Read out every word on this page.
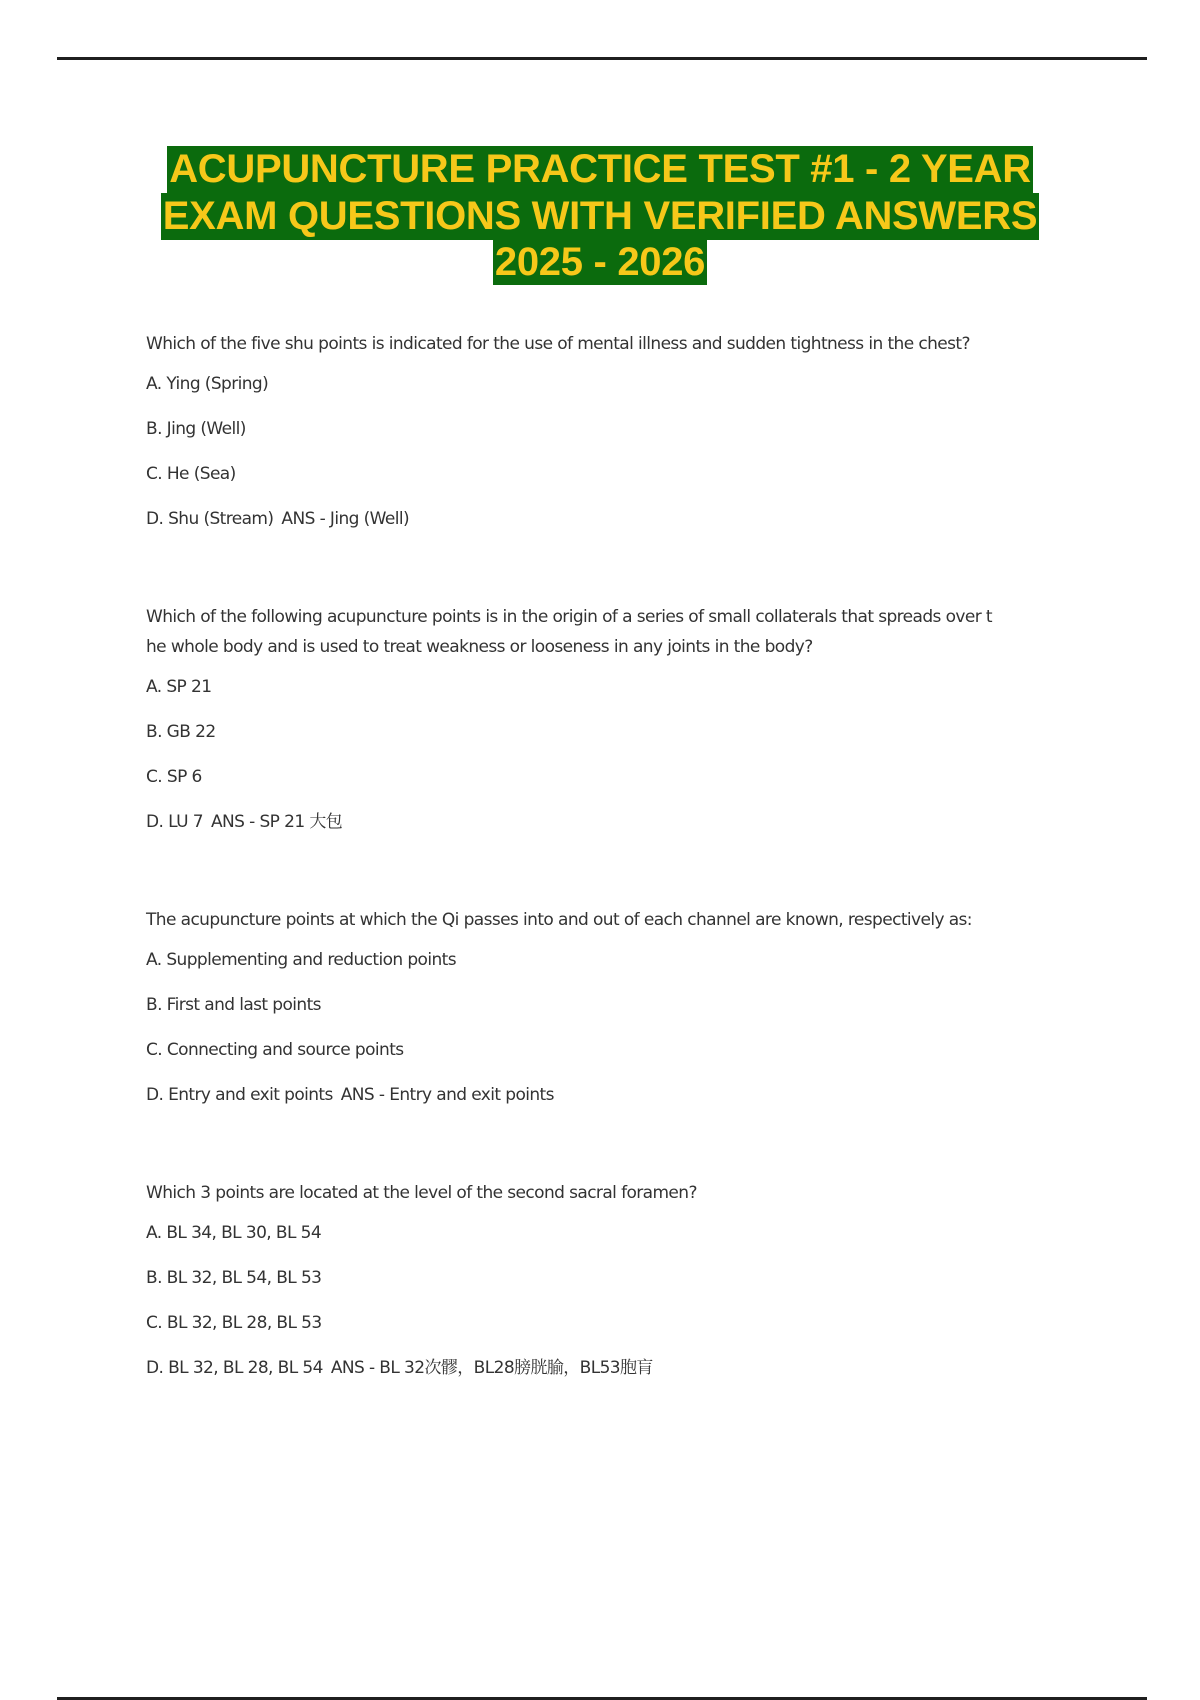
ACUPUNCTURE PRACTICE TEST #1 - 2 YEAR
EXAM QUESTIONS WITH VERIFIED ANSWERS
2025 - 2026

Which of the five shu points is indicated for the use of mental illness and sudden tightness in the chest?

A. Ying (Spring)
B. Jing (Well)
C. He (Sea)
D. Shu (Stream) ANS - Jing (Well)

Which of the following acupuncture points is in the origin of a series of small collaterals that spreads over t

he whole body and is used to treat weakness or looseness in any joints in the body?

A. SP 21
B. GB 22
C. SP 6
D. LU 7 ANS - SP 21 大包

The acupuncture points at which the Qi passes into and out of each channel are known, respectively as:

A. Supplementing and reduction points
B. First and last points
C. Connecting and source points
D. Entry and exit points ANS - Entry and exit points

Which 3 points are located at the level of the second sacral foramen?

A. BL 34, BL 30, BL 54
B. BL 32, BL 54, BL 53
C. BL 32, BL 28, BL 53
D. BL 32, BL 28, BL 54 ANS - BL 32次髎，BL28膀胱腧，BL53胞肓
